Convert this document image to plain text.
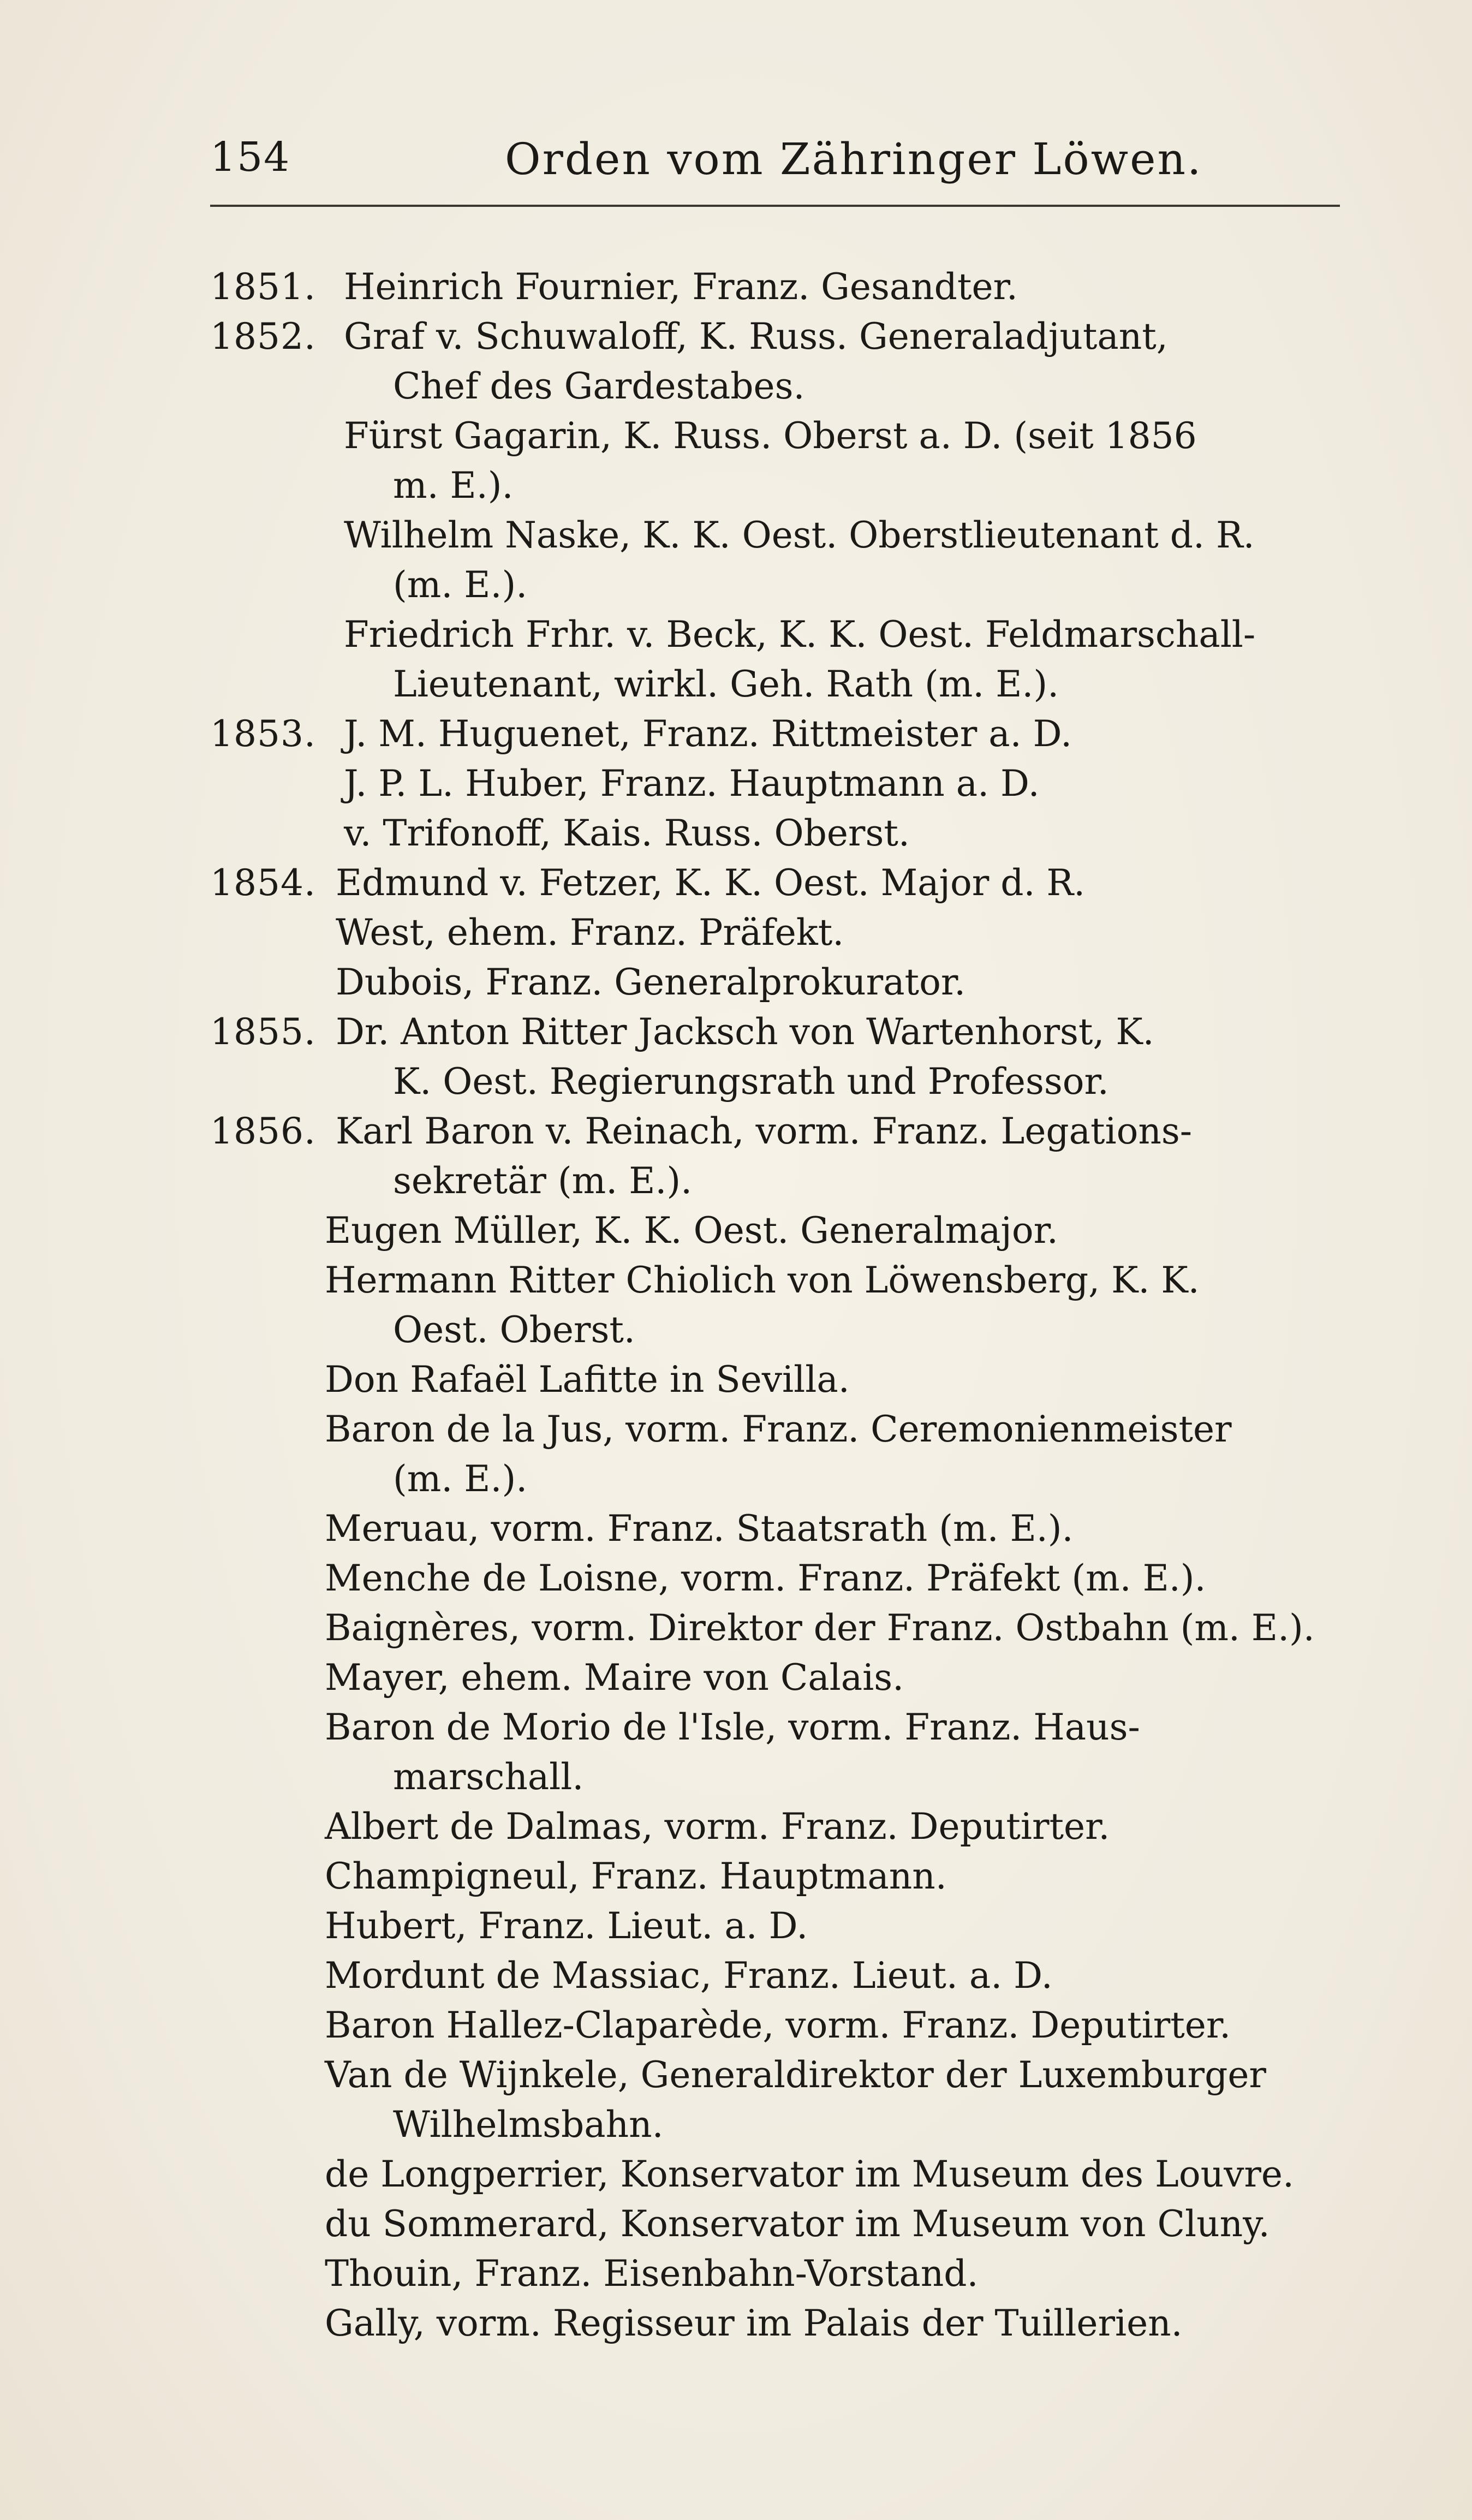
154	Orden vom Zähringer Löwen.
1851. Heinrich Fournier, Franz. Gesandter.
1852. Graf v. Schuwaloff, K. Russ. Generaladjutant,
Chef des Gardestabes.
Fürst Gagarin, K. Russ. Oberst a. D. (seit 1856
m. E.).
Wilhelm Naske, K. K. Oest. Oberstlieutenant d. R.
(m. E.).
Friedrich Frhr. v. Beck, K. K. Oest. Feldmarschall-
Lieutenant, wirkl. Geh. Rath (m. E.).
1853. J. M. Huguenet, Franz. Rittmeister a. D.
J. P. L. Huber, Franz. Hauptmann a. D.
v. Trifonoff, Kais. Russ. Oberst.
1854. Edmund v. Fetzer, K. K. Oest. Major d. R.
West, ehem. Franz. Präfekt.
Dubois, Franz. Generalprokurator.
1855. Dr. Anton Ritter Jacksch von Wartenhorst, K.
K. Oest. Regierungsrath und Professor.
1856. Karl Baron v. Reinach, vorm. Franz. Legations-
sekretär (m. E.).
Eugen Müller, K. K. Oest. Generalmajor.
Hermann Ritter Chiolich von Löwensberg, K. K.
Oest. Oberst.
Don Rafaël Lafitte in Sevilla.
Baron de la Jus, vorm. Franz. Ceremonienmeister
(m. E.).
Meruau, vorm. Franz. Staatsrath (m. E.).
Menche de Loisne, vorm. Franz. Präfekt (m. E.).
Baignères, vorm. Direktor der Franz. Ostbahn (m. E.).
Mayer, ehem. Maire von Calais.
Baron de Morio de l'Isle, vorm. Franz. Haus-
marschall.
Albert de Dalmas, vorm. Franz. Deputirter.
Champigneul, Franz. Hauptmann.
Hubert, Franz. Lieut. a. D.
Mordunt de Massiac, Franz. Lieut. a. D.
Baron Hallez-Claparède, vorm. Franz. Deputirter.
Van de Wijnkele, Generaldirektor der Luxemburger
Wilhelmsbahn.
de Longperrier, Konservator im Museum des Louvre.
du Sommerard, Konservator im Museum von Cluny.
Thouin, Franz. Eisenbahn-Vorstand.
Gally, vorm. Regisseur im Palais der Tuillerien.
